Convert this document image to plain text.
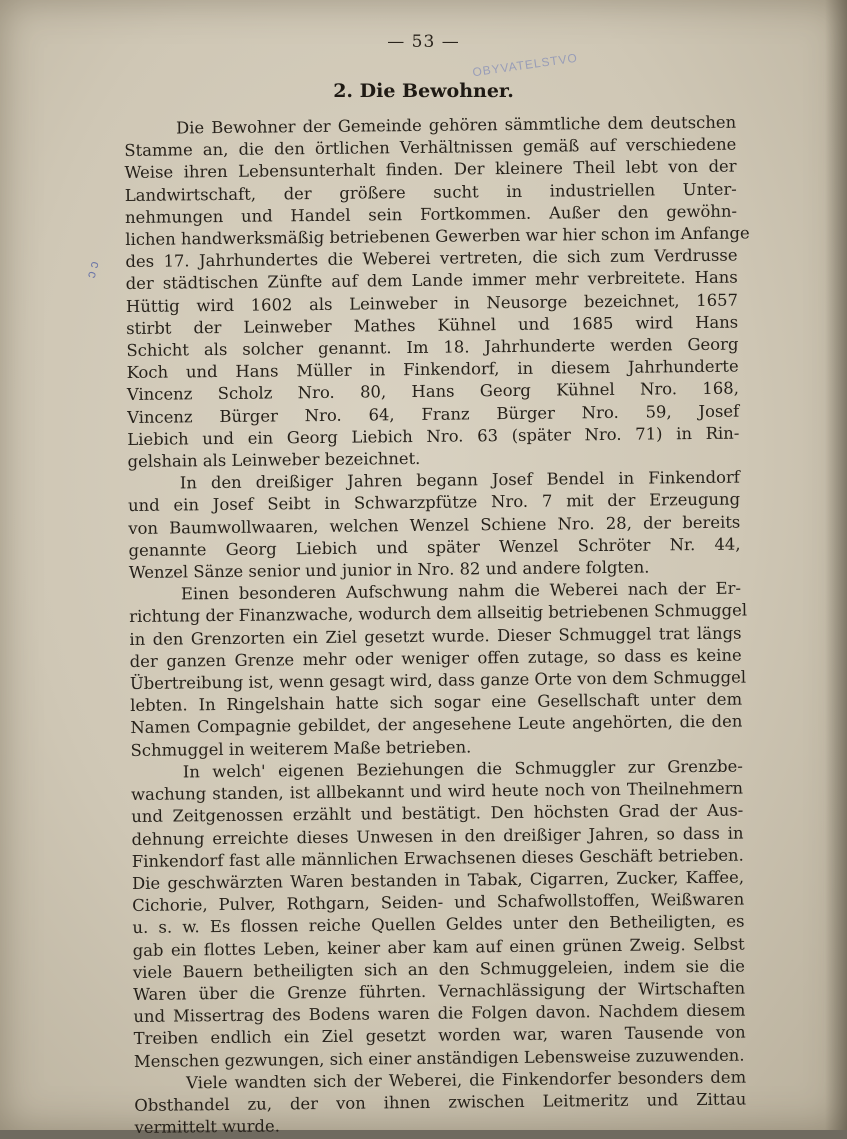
— 53 —
OBYVATELSTVO
ↄ ↄ
2. Die Bewohner.
Die Bewohner der Gemeinde gehören sämmtliche dem deutschen
Stamme an, die den örtlichen Verhältnissen gemäß auf verschiedene
Weise ihren Lebensunterhalt finden. Der kleinere Theil lebt von der
Landwirtschaft, der größere sucht in industriellen Unter-
nehmungen und Handel sein Fortkommen. Außer den gewöhn-
lichen handwerksmäßig betriebenen Gewerben war hier schon im Anfange
des 17. Jahrhundertes die Weberei vertreten, die sich zum Verdrusse
der städtischen Zünfte auf dem Lande immer mehr verbreitete. Hans
Hüttig wird 1602 als Leinweber in Neusorge bezeichnet, 1657
stirbt der Leinweber Mathes Kühnel und 1685 wird Hans
Schicht als solcher genannt. Im 18. Jahrhunderte werden Georg
Koch und Hans Müller in Finkendorf, in diesem Jahrhunderte
Vincenz Scholz Nro. 80, Hans Georg Kühnel Nro. 168,
Vincenz Bürger Nro. 64, Franz Bürger Nro. 59, Josef
Liebich und ein Georg Liebich Nro. 63 (später Nro. 71) in Rin-
gelshain als Leinweber bezeichnet.
In den dreißiger Jahren begann Josef Bendel in Finkendorf
und ein Josef Seibt in Schwarzpfütze Nro. 7 mit der Erzeugung
von Baumwollwaaren, welchen Wenzel Schiene Nro. 28, der bereits
genannte Georg Liebich und später Wenzel Schröter Nr. 44,
Wenzel Sänze senior und junior in Nro. 82 und andere folgten.
Einen besonderen Aufschwung nahm die Weberei nach der Er-
richtung der Finanzwache, wodurch dem allseitig betriebenen Schmuggel
in den Grenzorten ein Ziel gesetzt wurde. Dieser Schmuggel trat längs
der ganzen Grenze mehr oder weniger offen zutage, so dass es keine
Übertreibung ist, wenn gesagt wird, dass ganze Orte von dem Schmuggel
lebten. In Ringelshain hatte sich sogar eine Gesellschaft unter dem
Namen Compagnie gebildet, der angesehene Leute angehörten, die den
Schmuggel in weiterem Maße betrieben.
In welch' eigenen Beziehungen die Schmuggler zur Grenzbe-
wachung standen, ist allbekannt und wird heute noch von Theilnehmern
und Zeitgenossen erzählt und bestätigt. Den höchsten Grad der Aus-
dehnung erreichte dieses Unwesen in den dreißiger Jahren, so dass in
Finkendorf fast alle männlichen Erwachsenen dieses Geschäft betrieben.
Die geschwärzten Waren bestanden in Tabak, Cigarren, Zucker, Kaffee,
Cichorie, Pulver, Rothgarn, Seiden- und Schafwollstoffen, Weißwaren
u. s. w. Es flossen reiche Quellen Geldes unter den Betheiligten, es
gab ein flottes Leben, keiner aber kam auf einen grünen Zweig. Selbst
viele Bauern betheiligten sich an den Schmuggeleien, indem sie die
Waren über die Grenze führten. Vernachlässigung der Wirtschaften
und Missertrag des Bodens waren die Folgen davon. Nachdem diesem
Treiben endlich ein Ziel gesetzt worden war, waren Tausende von
Menschen gezwungen, sich einer anständigen Lebensweise zuzuwenden.
Viele wandten sich der Weberei, die Finkendorfer besonders dem
Obsthandel zu, der von ihnen zwischen Leitmeritz und Zittau
vermittelt wurde.
